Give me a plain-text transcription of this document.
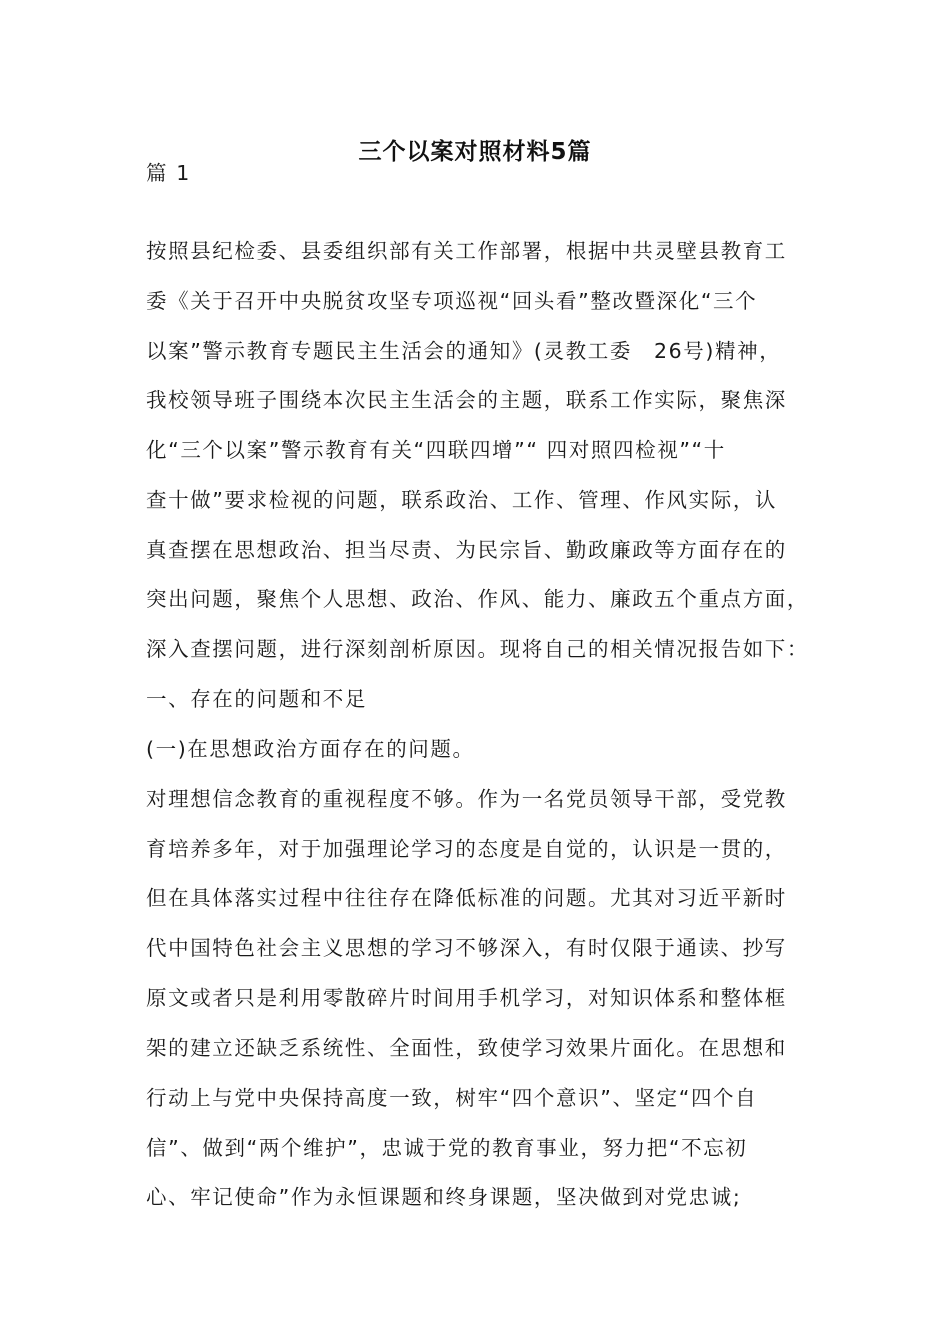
三个以案对照材料5篇
篇 1
按照县纪检委、县委组织部有关工作部署，根据中共灵壁县教育工
委《关于召开中央脱贫攻坚专项巡视“回头看”整改暨深化“三个
以案”警示教育专题民主生活会的通知》(灵教工委　26号)精神，
我校领导班子围绕本次民主生活会的主题，联系工作实际，聚焦深
化“三个以案”警示教育有关“四联四增”“ 四对照四检视”“十
查十做”要求检视的问题，联系政治、工作、管理、作风实际，认
真查摆在思想政治、担当尽责、为民宗旨、勤政廉政等方面存在的
突出问题，聚焦个人思想、政治、作风、能力、廉政五个重点方面，
深入查摆问题，进行深刻剖析原因。现将自己的相关情况报告如下：
一、存在的问题和不足
(一)在思想政治方面存在的问题。
对理想信念教育的重视程度不够。作为一名党员领导干部，受党教
育培养多年，对于加强理论学习的态度是自觉的，认识是一贯的，
但在具体落实过程中往往存在降低标准的问题。尤其对习近平新时
代中国特色社会主义思想的学习不够深入，有时仅限于通读、抄写
原文或者只是利用零散碎片时间用手机学习，对知识体系和整体框
架的建立还缺乏系统性、全面性，致使学习效果片面化。在思想和
行动上与党中央保持高度一致，树牢“四个意识”、坚定“四个自
信”、做到“两个维护”，忠诚于党的教育事业，努力把“不忘初
心、牢记使命”作为永恒课题和终身课题，坚决做到对党忠诚;
